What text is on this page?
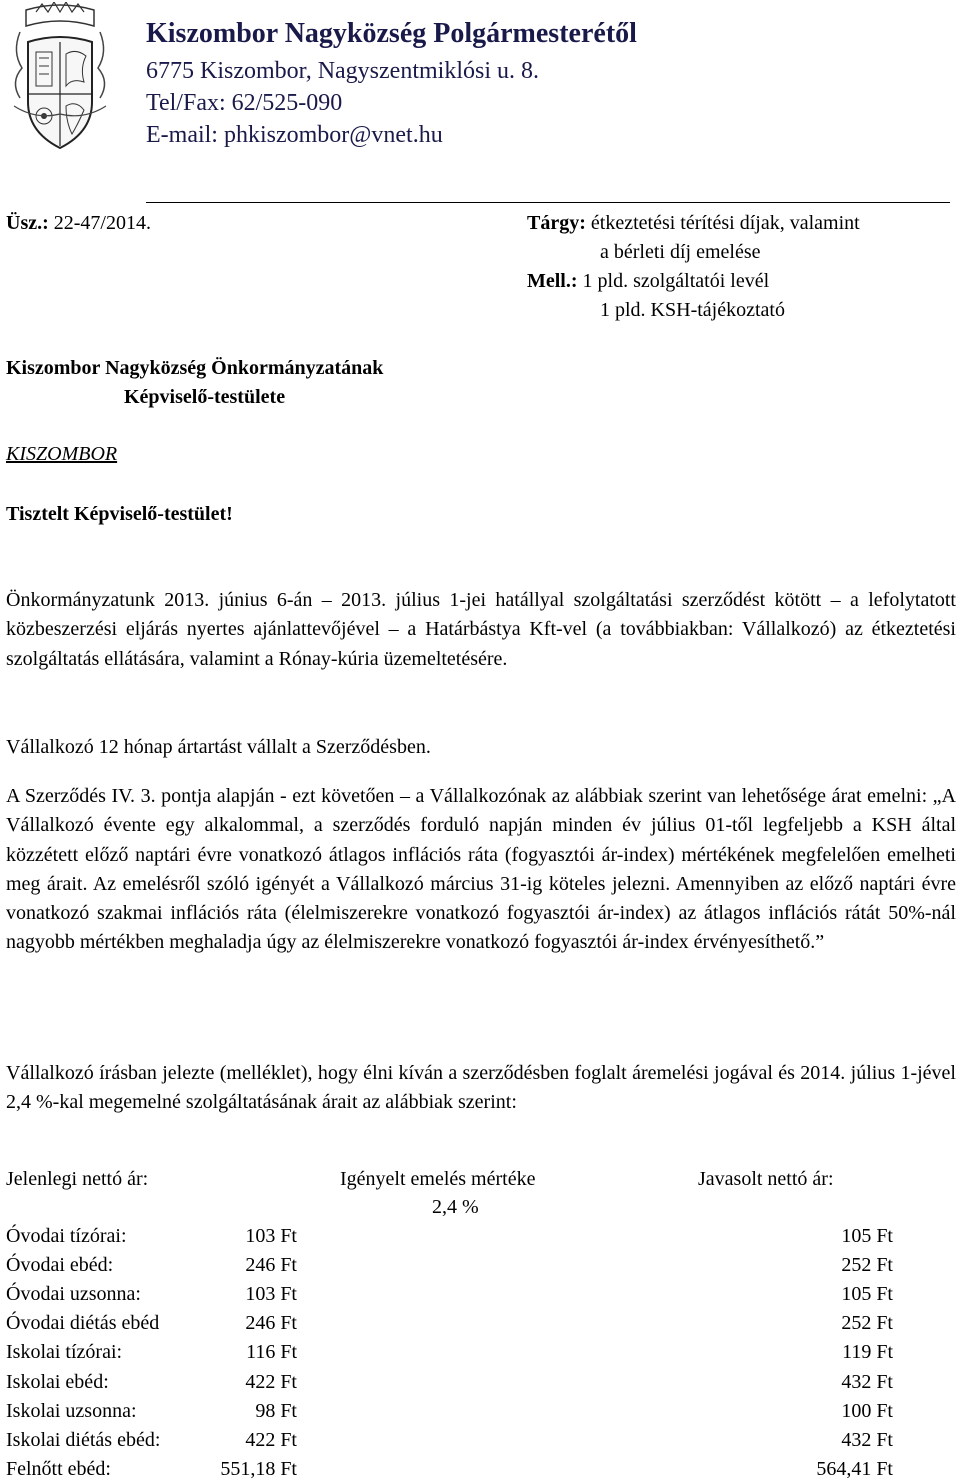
Kiszombor Nagyközség Polgármesterétől
6775 Kiszombor, Nagyszentmiklósi u. 8.
Tel/Fax: 62/525-090
E-mail: phkiszombor@vnet.hu
Üsz.: 22-47/2014.	Tárgy: étkeztetési térítési díjak, valamint
a bérleti díj emelése
Mell.: 1 pld. szolgáltatói levél
1 pld. KSH-tájékoztató
Kiszombor Nagyközség Önkormányzatának
Képviselő-testülete
KISZOMBOR
Tisztelt Képviselő-testület!
Önkormányzatunk 2013. június 6-án – 2013. július 1-jei hatállyal szolgáltatási szerződést kötött – a lefolytatott közbeszerzési eljárás nyertes ajánlattevőjével – a Határbástya Kft-vel (a továbbiakban: Vállalkozó) az étkeztetési szolgáltatás ellátására, valamint a Rónay-kúria üzemeltetésére.
Vállalkozó 12 hónap ártartást vállalt a Szerződésben.
A Szerződés IV. 3. pontja alapján - ezt követően – a Vállalkozónak az alábbiak szerint van lehetősége árat emelni: „A Vállalkozó évente egy alkalommal, a szerződés forduló napján minden év július 01-től legfeljebb a KSH által közzétett előző naptári évre vonatkozó átlagos inflációs ráta (fogyasztói ár-index) mértékének megfelelően emelheti meg árait. Az emelésről szóló igényét a Vállalkozó március 31-ig köteles jelezni. Amennyiben az előző naptári évre vonatkozó szakmai inflációs ráta (élelmiszerekre vonatkozó fogyasztói ár-index) az átlagos inflációs rátát 50%-nál nagyobb mértékben meghaladja úgy az élelmiszerekre vonatkozó fogyasztói ár-index érvényesíthető.”
Vállalkozó írásban jelezte (melléklet), hogy élni kíván a szerződésben foglalt áremelési jogával és 2014. július 1-jével 2,4 %-kal megemelné szolgáltatásának árait az alábbiak szerint:
Jelenlegi nettó ár:	Igényelt emelés mértéke
2,4 %
Javasolt nettó ár:
Óvodai tízórai:	103 Ft	105 Ft
Óvodai ebéd:	246 Ft	252 Ft
Óvodai uzsonna:	103 Ft	105 Ft
Óvodai diétás ebéd	246 Ft	252 Ft
Iskolai tízórai:	116 Ft	119 Ft
Iskolai ebéd:	422 Ft	432 Ft
Iskolai uzsonna:	98 Ft	100 Ft
Iskolai diétás ebéd:	422 Ft	432 Ft
Felnőtt ebéd:	551,18 Ft	564,41 Ft
